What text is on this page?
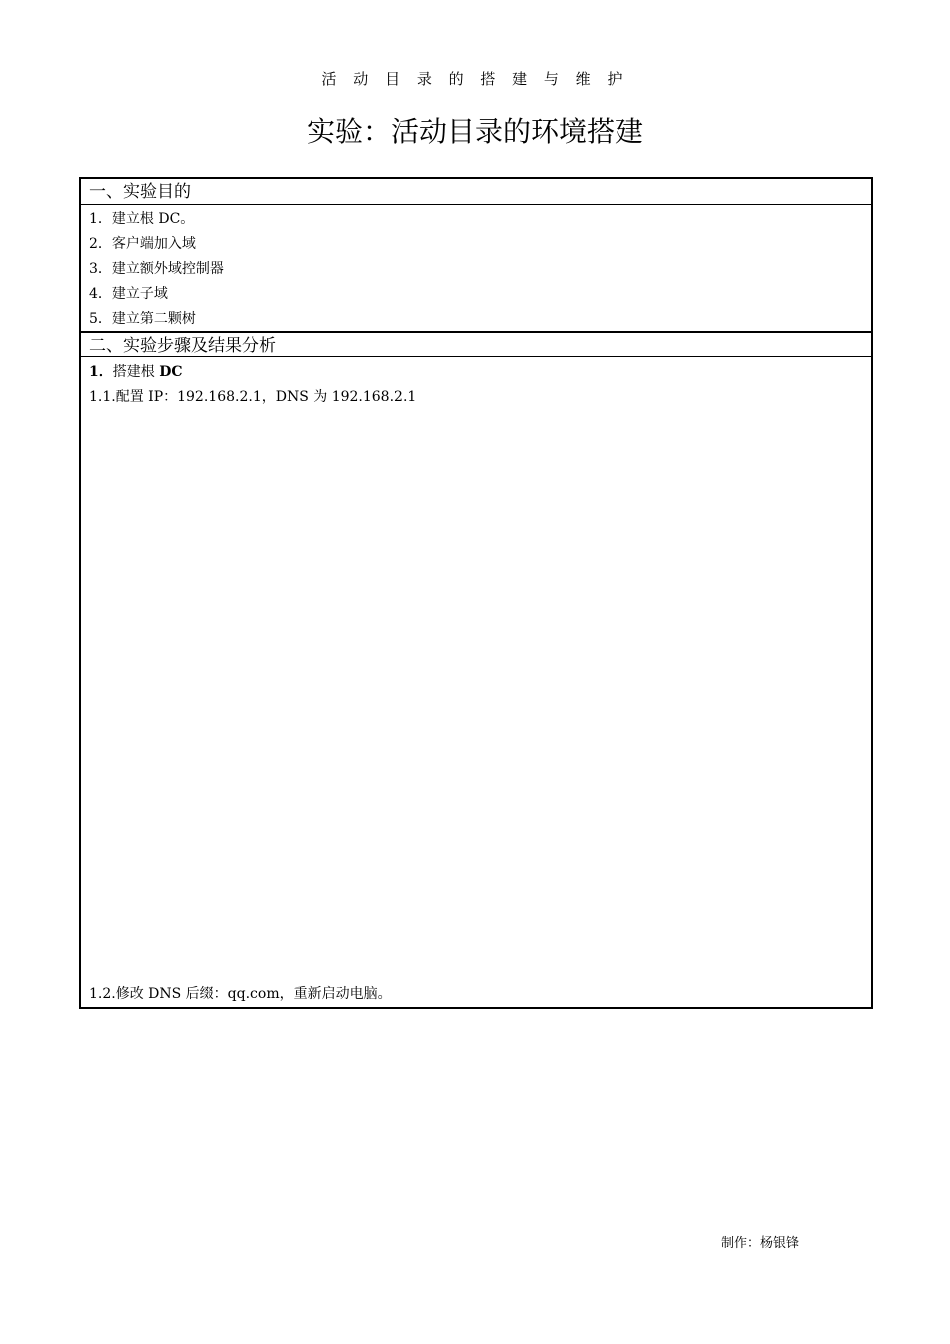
活 动 目 录 的 搭 建 与 维 护
实验：活动目录的环境搭建
一、实验目的
1．建立根 DC。
2．客户端加入域
3．建立额外域控制器
4．建立子域
5．建立第二颗树
二、实验步骤及结果分析
1．搭建根 DC
1.1.配置 IP：192.168.2.1，DNS 为 192.168.2.1
1.2.修改 DNS 后缀：qq.com，重新启动电脑。
制作：杨银锋
